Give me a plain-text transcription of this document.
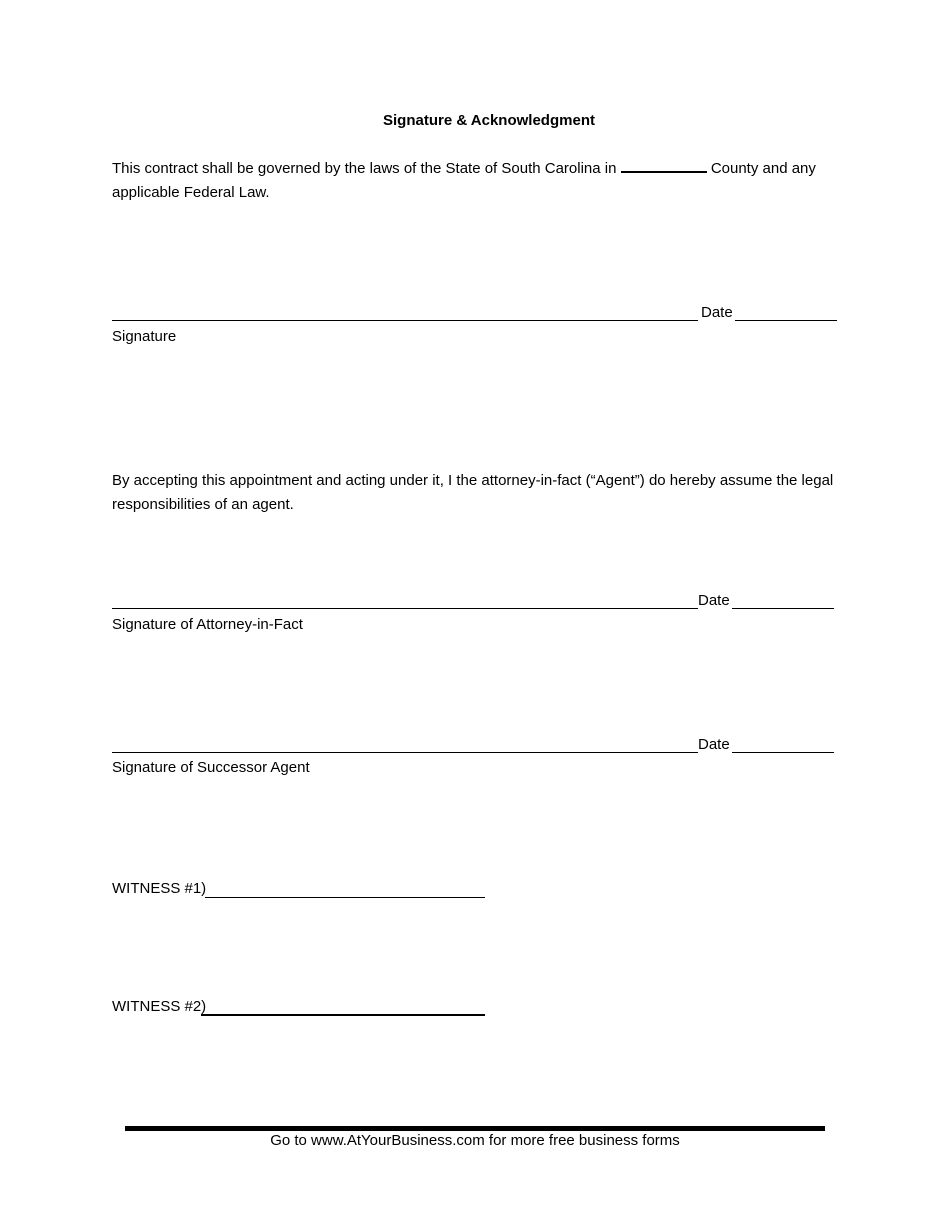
Signature & Acknowledgment
This contract shall be governed by the laws of the State of South Carolina in	County and any applicable Federal Law.
Date
Signature
By accepting this appointment and acting under it, I the attorney-in-fact (“Agent”) do hereby assume the legal responsibilities of an agent.
Date
Signature of Attorney-in-Fact
Date
Signature of Successor Agent
WITNESS #1)
WITNESS #2)
Go to www.AtYourBusiness.com for more free business forms
